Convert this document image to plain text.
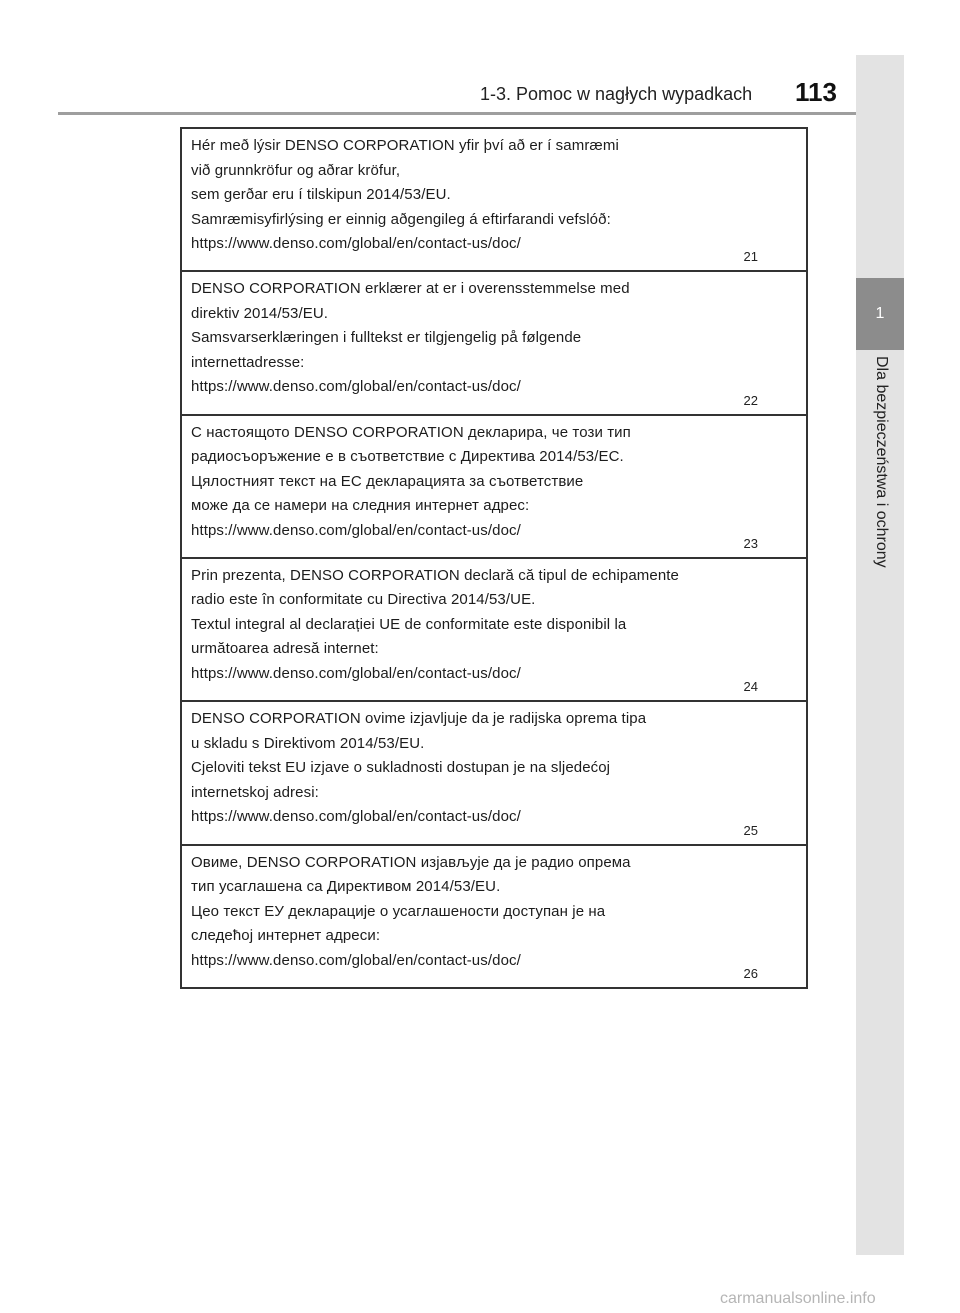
1-3. Pomoc w nagłych wypadkach	113
1
Dla bezpieczeństwa i ochrony
Hér með lýsir DENSO CORPORATION yfir því að er í samræmi
við grunnkröfur og aðrar kröfur,
sem gerðar eru í tilskipun 2014/53/EU.
Samræmisyfirlýsing er einnig aðgengileg á eftirfarandi vefslóð:
https://www.denso.com/global/en/contact-us/doc/
21
DENSO CORPORATION erklærer at er i overensstemmelse med
direktiv 2014/53/EU.
Samsvarserklæringen i fulltekst er tilgjengelig på følgende
internettadresse:
https://www.denso.com/global/en/contact-us/doc/
22
С настоящото DENSO CORPORATION декларира, че този тип
радиосъоръжение е в съответствие с Директива 2014/53/ЕС.
Цялостният текст на ЕС декларацията за съответствие
може да се намери на следния интернет адрес:
https://www.denso.com/global/en/contact-us/doc/
23
Prin prezenta, DENSO CORPORATION declară că tipul de echipamente
radio este în conformitate cu Directiva 2014/53/UE.
Textul integral al declarației UE de conformitate este disponibil la
următoarea adresă internet:
https://www.denso.com/global/en/contact-us/doc/
24
DENSO CORPORATION ovime izjavljuje da je radijska oprema tipa
u skladu s Direktivom 2014/53/EU.
Cjeloviti tekst EU izjave o sukladnosti dostupan je na sljedećoj
internetskoj adresi:
https://www.denso.com/global/en/contact-us/doc/
25
Овиме, DENSO CORPORATION изјављује да је радио опрема
тип усаглашена са Директивом 2014/53/EU.
Цео текст ЕУ декларације о усаглашености доступан је на
следећој интернет адреси:
https://www.denso.com/global/en/contact-us/doc/
26
carmanualsonline.info
